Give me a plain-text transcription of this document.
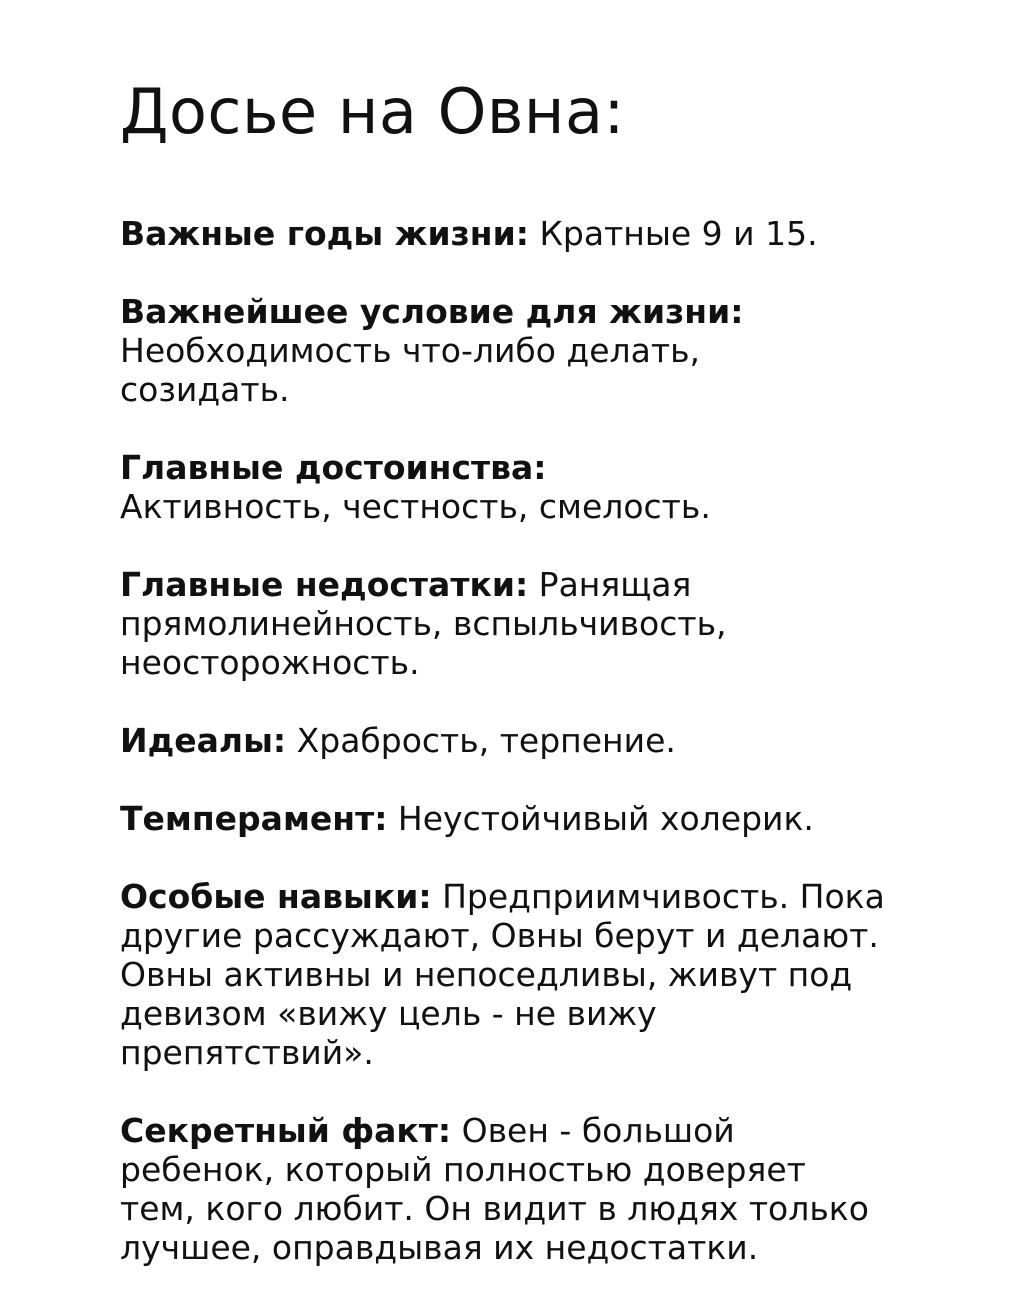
Досье на Овна:

Важные годы жизни: Кратные 9 и 15.

Важнейшее условие для жизни: Необходимость что-либо делать, созидать.

Главные достоинства: Активность, честность, смелость.

Главные недостатки: Ранящая прямолинейность, вспыльчивость, неосторожность.

Идеалы: Храбрость, терпение.

Темперамент: Неустойчивый холерик.

Особые навыки: Предприимчивость. Пока другие рассуждают, Овны берут и делают. Овны активны и непоседливы, живут под девизом «вижу цель - не вижу препятствий».

Секретный факт: Овен - большой ребенок, который полностью доверяет тем, кого любит. Он видит в людях только лучшее, оправдывая их недостатки.
